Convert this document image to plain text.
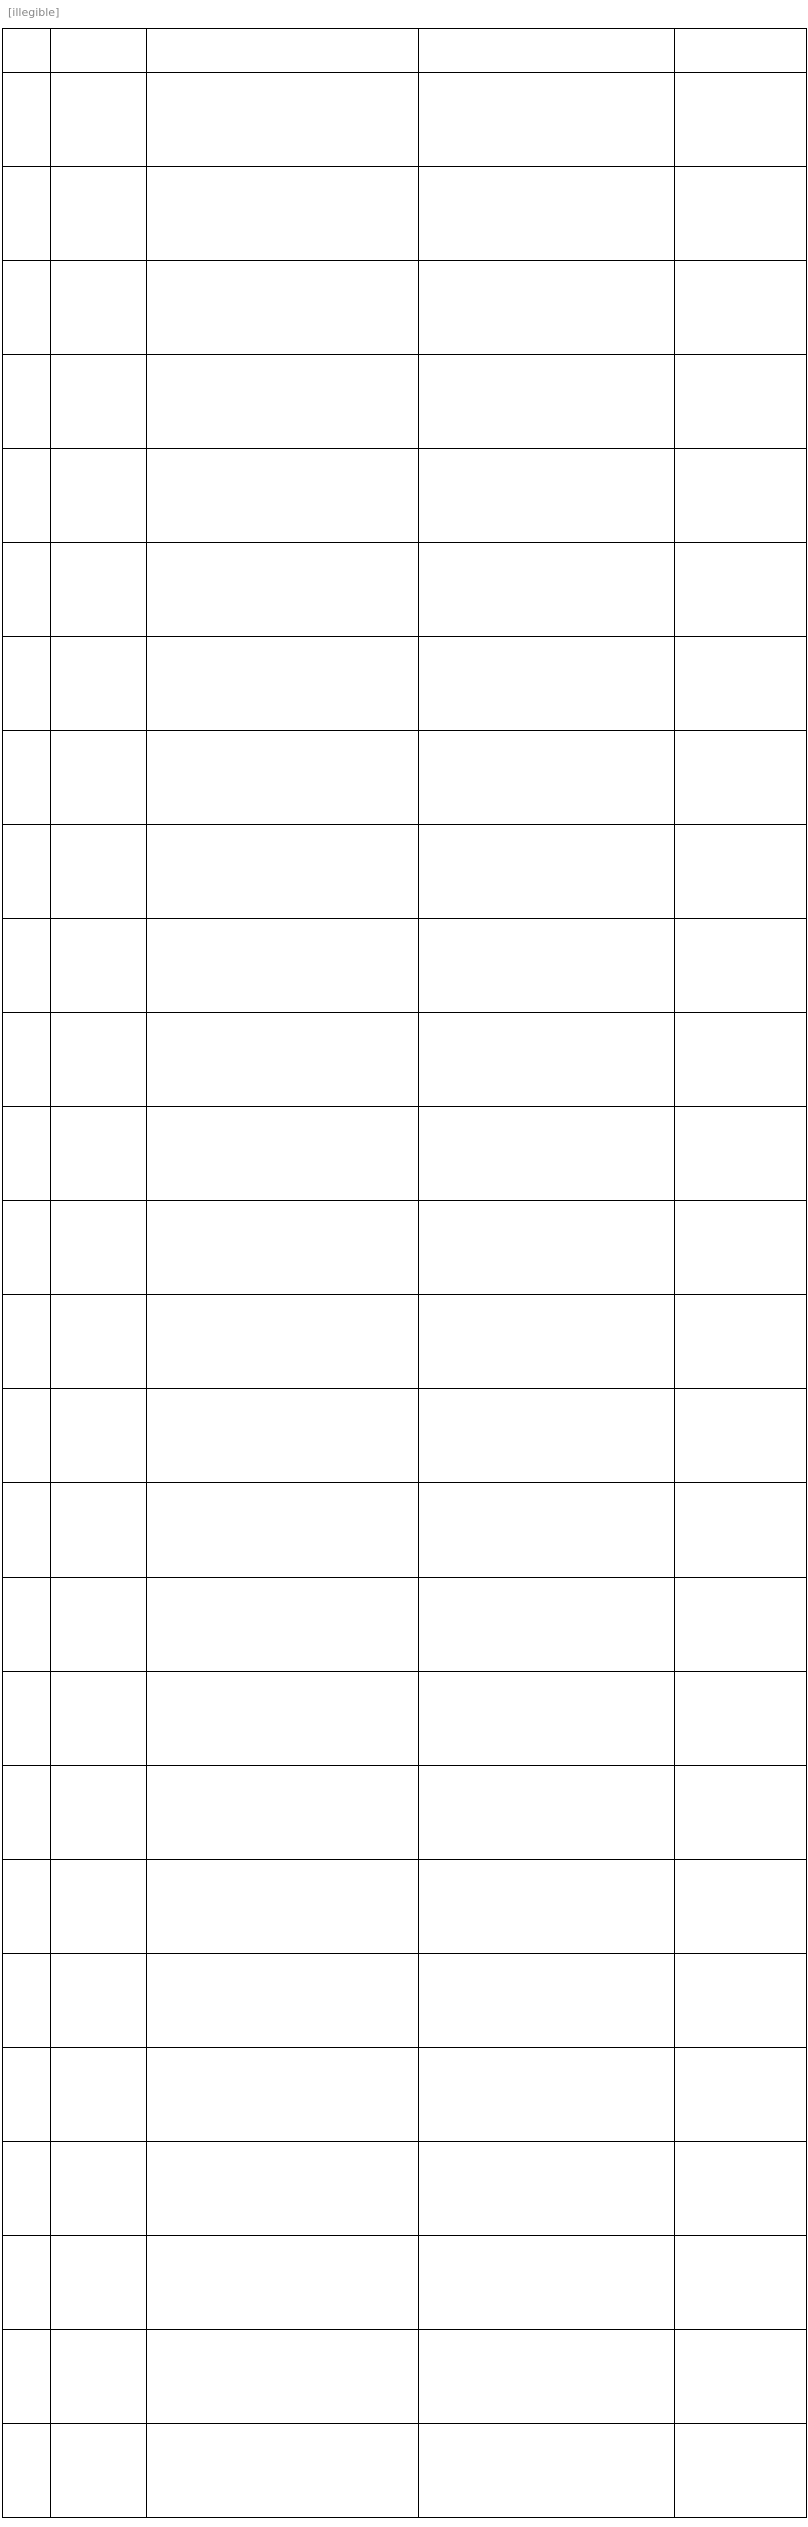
[illegible]
